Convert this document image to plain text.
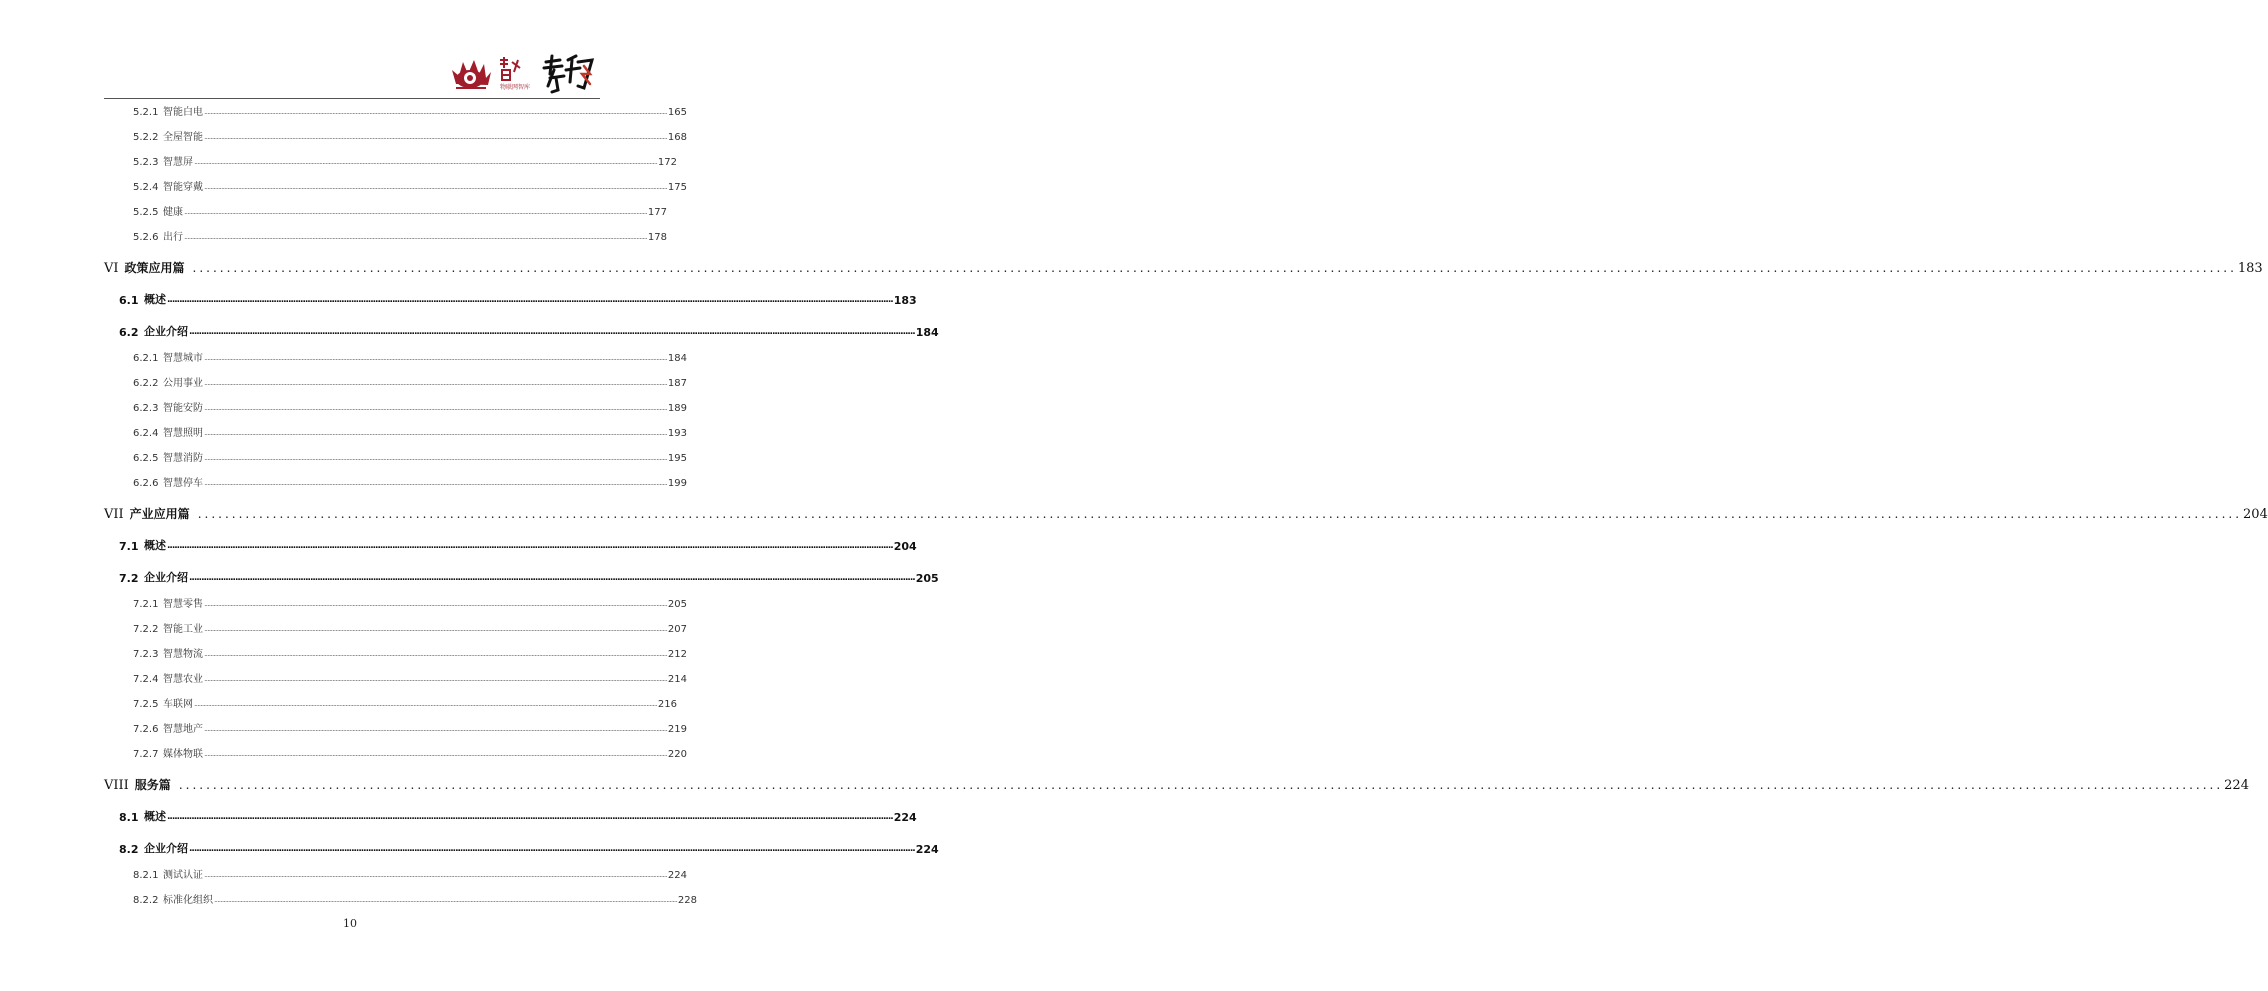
物联网智库
5.2.1 智能白电 ............................................................................................................................................................................................................................................................................................................ 165
5.2.2 全屋智能 ............................................................................................................................................................................................................................................................................................................ 168
5.2.3 智慧屏 ............................................................................................................................................................................................................................................................................................................ 172
5.2.4 智能穿戴 ............................................................................................................................................................................................................................................................................................................ 175
5.2.5 健康 ............................................................................................................................................................................................................................................................................................................ 177
5.2.6 出行 ............................................................................................................................................................................................................................................................................................................ 178
VI 政策应用篇 ............................................................................................................................................................................................................................................................................................................ 183
6.1 概述 ............................................................................................................................................................................................................................................................................................................ 183
6.2 企业介绍 ............................................................................................................................................................................................................................................................................................................ 184
6.2.1 智慧城市 ............................................................................................................................................................................................................................................................................................................ 184
6.2.2 公用事业 ............................................................................................................................................................................................................................................................................................................ 187
6.2.3 智能安防 ............................................................................................................................................................................................................................................................................................................ 189
6.2.4 智慧照明 ............................................................................................................................................................................................................................................................................................................ 193
6.2.5 智慧消防 ............................................................................................................................................................................................................................................................................................................ 195
6.2.6 智慧停车 ............................................................................................................................................................................................................................................................................................................ 199
VII 产业应用篇 ............................................................................................................................................................................................................................................................................................................ 204
7.1 概述 ............................................................................................................................................................................................................................................................................................................ 204
7.2 企业介绍 ............................................................................................................................................................................................................................................................................................................ 205
7.2.1 智慧零售 ............................................................................................................................................................................................................................................................................................................ 205
7.2.2 智能工业 ............................................................................................................................................................................................................................................................................................................ 207
7.2.3 智慧物流 ............................................................................................................................................................................................................................................................................................................ 212
7.2.4 智慧农业 ............................................................................................................................................................................................................................................................................................................ 214
7.2.5 车联网 ............................................................................................................................................................................................................................................................................................................ 216
7.2.6 智慧地产 ............................................................................................................................................................................................................................................................................................................ 219
7.2.7 媒体物联 ............................................................................................................................................................................................................................................................................................................ 220
VIII 服务篇 ............................................................................................................................................................................................................................................................................................................ 224
8.1 概述 ............................................................................................................................................................................................................................................................................................................ 224
8.2 企业介绍 ............................................................................................................................................................................................................................................................................................................ 224
8.2.1 测试认证 ............................................................................................................................................................................................................................................................................................................ 224
8.2.2 标准化组织 ............................................................................................................................................................................................................................................................................................................ 228
10
